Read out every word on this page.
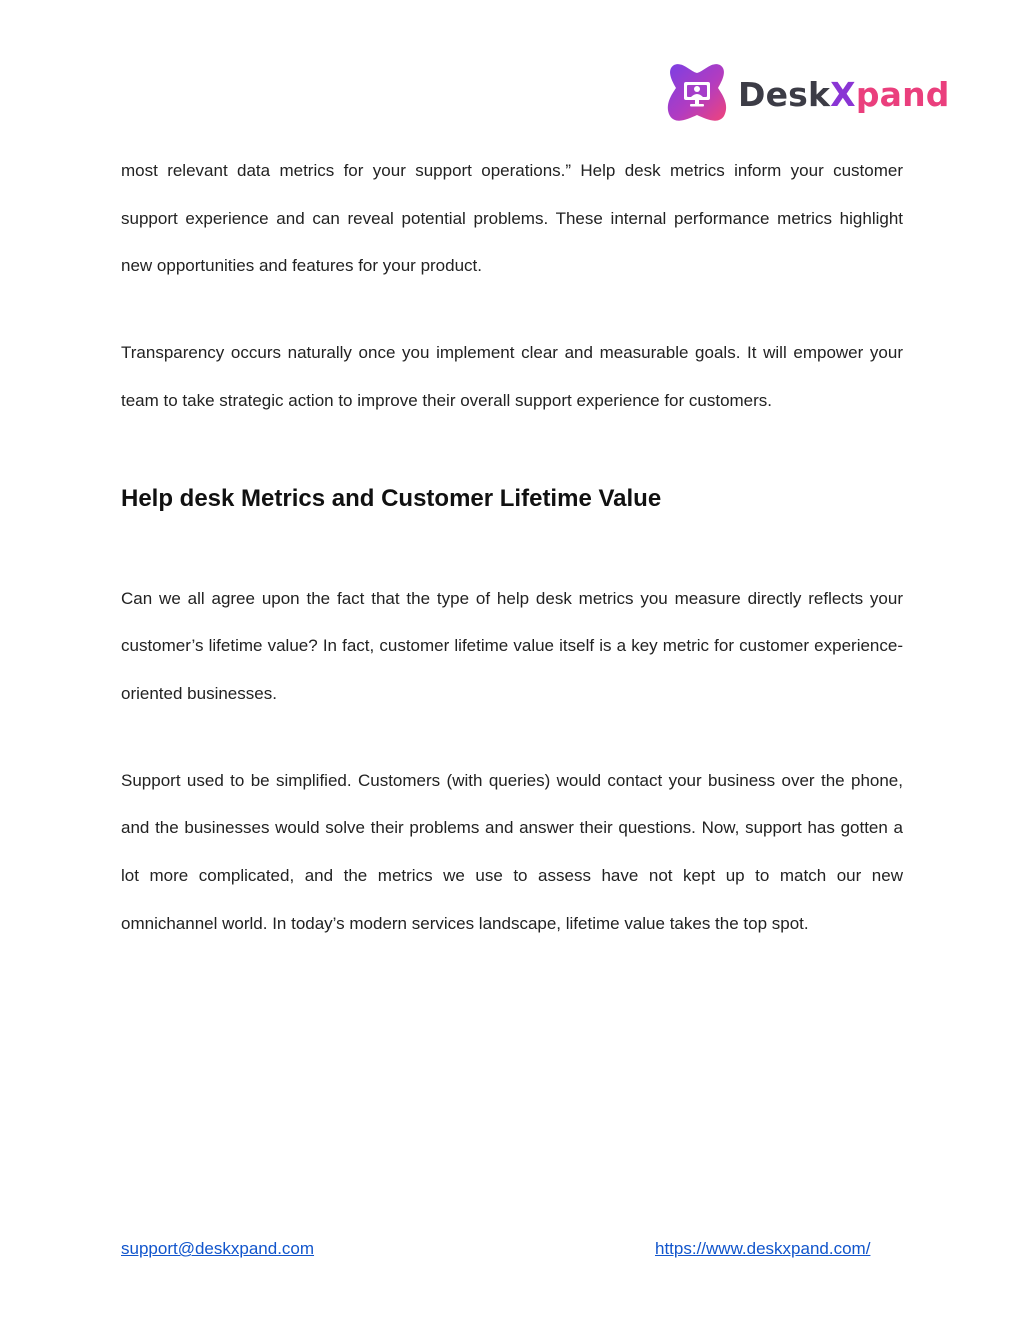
DeskXpand

most relevant data metrics for your support operations.” Help desk metrics inform your customer support experience and can reveal potential problems. These internal performance metrics highlight new opportunities and features for your product.

Transparency occurs naturally once you implement clear and measurable goals. It will empower your team to take strategic action to improve their overall support experience for customers.

Help desk Metrics and Customer Lifetime Value

Can we all agree upon the fact that the type of help desk metrics you measure directly reflects your customer’s lifetime value? In fact, customer lifetime value itself is a key metric for customer experience-oriented businesses.

Support used to be simplified. Customers (with queries) would contact your business over the phone, and the businesses would solve their problems and answer their questions. Now, support has gotten a lot more complicated, and the metrics we use to assess have not kept up to match our new omnichannel world. In today’s modern services landscape, lifetime value takes the top spot.

support@deskxpand.com	https://www.deskxpand.com/
